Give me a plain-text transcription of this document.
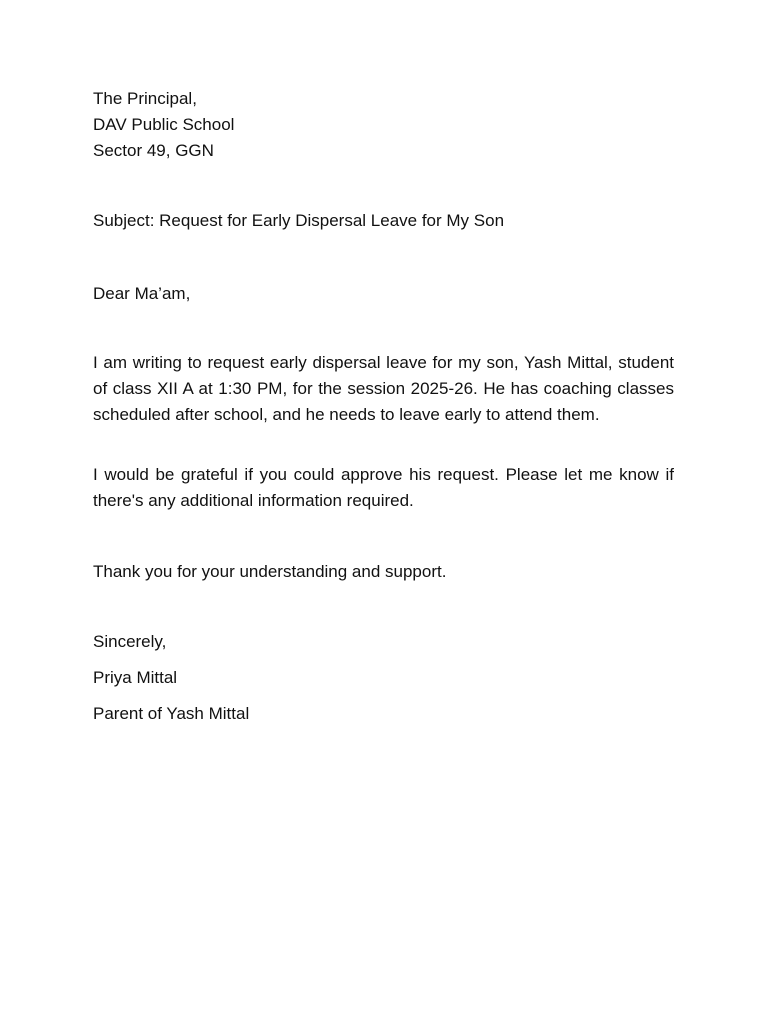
The Principal,
DAV Public School
Sector 49, GGN

Subject: Request for Early Dispersal Leave for My Son

Dear Ma’am,

I am writing to request early dispersal leave for my son, Yash Mittal, student of class XII A at 1:30 PM, for the session 2025-26. He has coaching classes scheduled after school, and he needs to leave early to attend them.

I would be grateful if you could approve his request. Please let me know if there's any additional information required.

Thank you for your understanding and support.

Sincerely,

Priya Mittal

Parent of Yash Mittal
